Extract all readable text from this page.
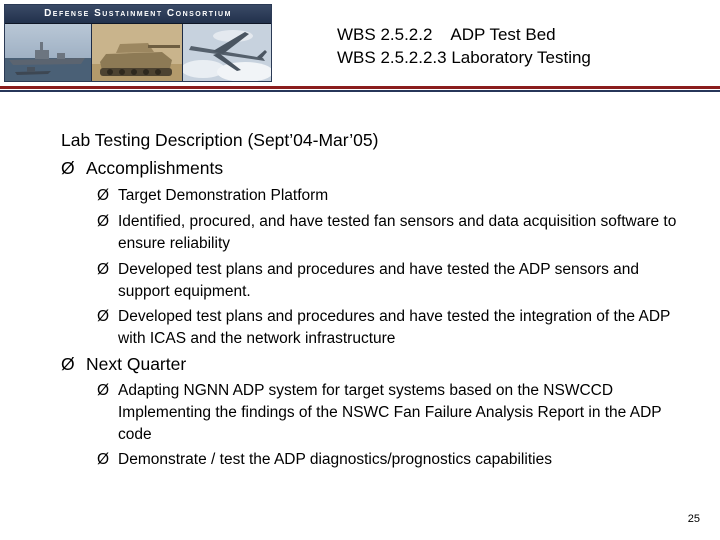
Defense Sustainment Consortium
WBS 2.5.2.2    ADP Test Bed
WBS 2.5.2.2.3 Laboratory Testing
Lab Testing Description (Sept’04-Mar’05)
Ø Accomplishments
Ø Target Demonstration Platform
Ø Identified, procured, and have tested fan sensors and data acquisition software to ensure reliability
Ø Developed test plans and procedures and have tested the ADP sensors and support equipment.
Ø Developed test plans and procedures and have tested the integration of the ADP with ICAS and the network infrastructure
Ø Next Quarter
Ø Adapting NGNN ADP system for target systems based on the NSWCCD Implementing the findings of the NSWC Fan Failure Analysis Report in the ADP code
Ø Demonstrate / test the ADP diagnostics/prognostics capabilities
25
